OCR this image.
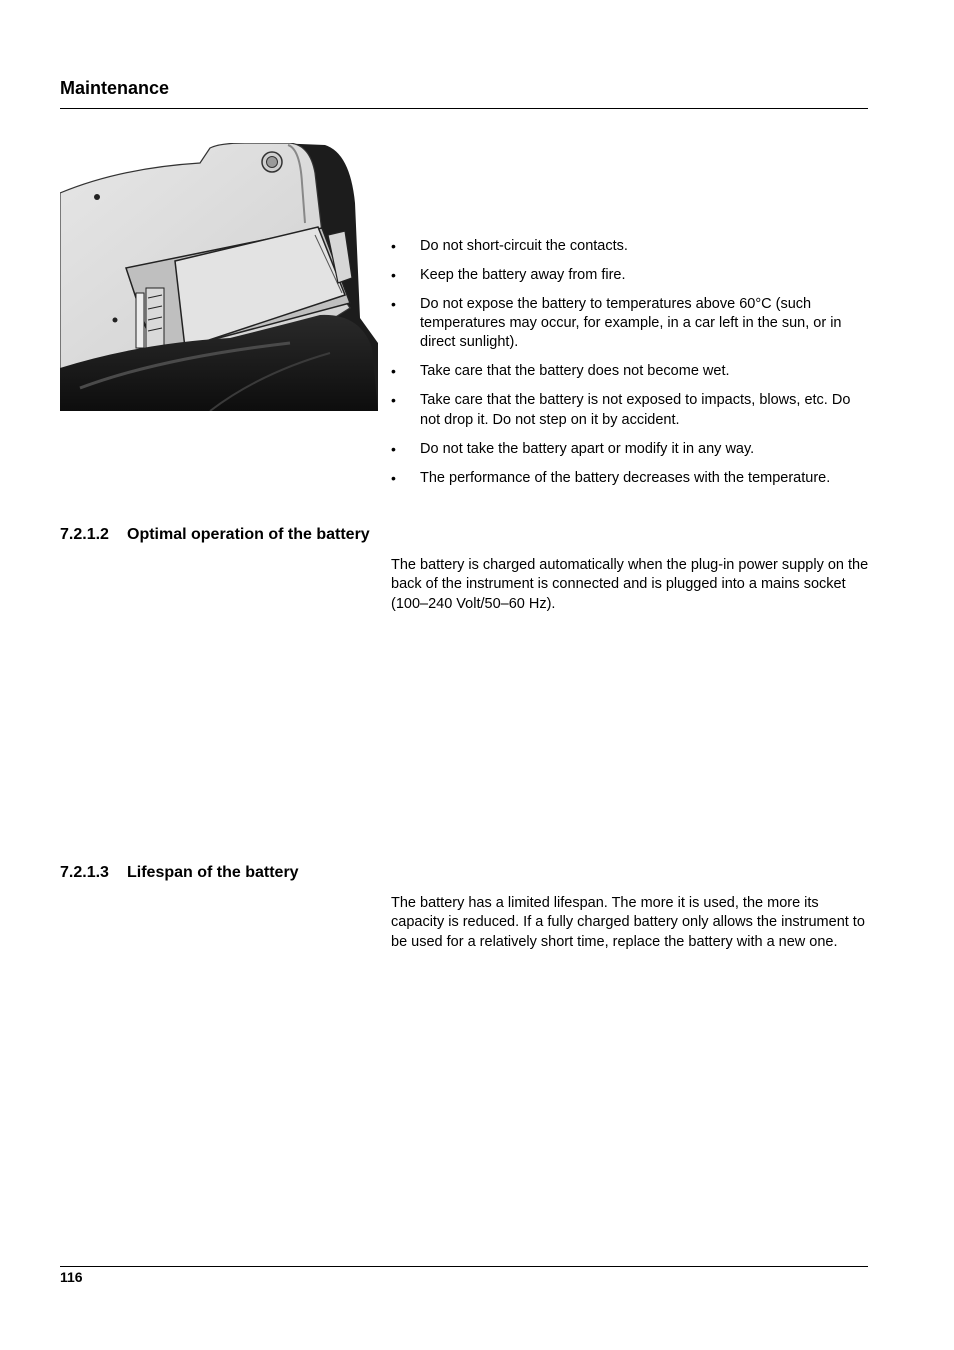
Maintenance
• Do not short-circuit the contacts.
• Keep the battery away from fire.
• Do not expose the battery to temperatures above 60°C (such temperatures may occur, for example, in a car left in the sun, or in direct sunlight).
• Take care that the battery does not become wet.
• Take care that the battery is not exposed to impacts, blows, etc. Do not drop it. Do not step on it by accident.
• Do not take the battery apart or modify it in any way.
• The performance of the battery decreases with the temperature.
7.2.1.2 Optimal operation of the battery

The battery is charged automatically when the plug-in power supply on the back of the instrument is connected and is plugged into a mains socket (100–240 Volt/50–60 Hz).

7.2.1.3 Lifespan of the battery

The battery has a limited lifespan. The more it is used, the more its capacity is reduced. If a fully charged battery only allows the instrument to be used for a relatively short time, replace the battery with a new one.

116
